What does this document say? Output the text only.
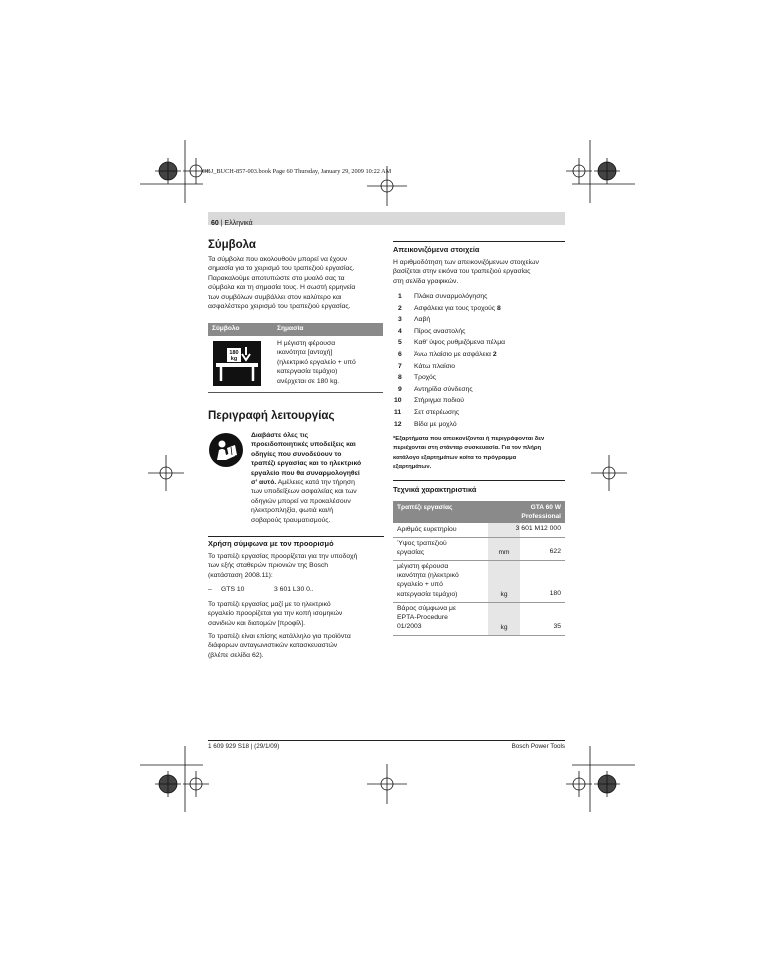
OBJ_BUCH-857-003.book Page 60 Thursday, January 29, 2009 10:22 AM
60 | Ελληνικά
Σύμβολα
Τα σύμβολα που ακολουθούν μπορεί να έχουν
σημασία για το χειρισμό του τραπεζιού εργασίας.
Παρακαλούμε αποτυπώστε στο μυαλό σας τα
σύμβολα και τη σημασία τους. Η σωστή ερμηνεία
των συμβόλων συμβάλλει στον καλύτερο και
ασφαλέστερο χειρισμό του τραπεζιού εργασίας.
Σύμβολο	Σημασία
180
kg
Η μέγιστη φέρουσα
ικανότητα [αντοχή]
(ηλεκτρικό εργαλείο + υπό
κατεργασία τεμάχιο)
ανέρχεται σε 180 kg.
Περιγραφή λειτουργίας
Διαβάστε όλες τις
προειδοποιητικές υποδείξεις και
οδηγίες που συνοδεύουν το
τραπέζι εργασίας και το ηλεκτρικό
εργαλείο που θα συναρμολογηθεί
σ’ αυτό. Αμέλειες κατά την τήρηση
των υποδείξεων ασφαλείας και των
οδηγιών μπορεί να προκαλέσουν
ηλεκτροπληξία, φωτιά και/ή
σοβαρούς τραυματισμούς.
Χρήση σύμφωνα με τον προορισμό
Το τραπέζι εργασίας προορίζεται για την υποδοχή
των εξής σταθερών πριονιών της Bosch
(κατάσταση 2008.11):
– GTS 10	3 601 L30 0..
Το τραπέζι εργασίας μαζί με το ηλεκτρικό
εργαλείο προορίζεται για την κοπή ισομηκών
σανιδιών και διατομών [προφίλ].
Το τραπέζι είναι επίσης κατάλληλο για προϊόντα
διάφορων ανταγωνιστικών κατασκευαστών
(βλέπε σελίδα 62).
Απεικονιζόμενα στοιχεία
Η αριθμοδότηση των απεικονιζόμενων στοιχείων
βασίζεται στην εικόνα του τραπεζιού εργασίας
στη σελίδα γραφικών.
1	Πλάκα συναρμολόγησης
2	Ασφάλεια για τους τροχούς 8
3	Λαβή
4	Πίρος αναστολής
5	Καθ’ ύψος ρυθμιζόμενα πέλμα
6	Άνω πλαίσιο με ασφάλεια 2
7	Κάτω πλαίσιο
8	Τροχός
9	Αντηρίδα σύνδεσης
10	Στήριγμα ποδιού
11	Σετ στερέωσης
12	Βίδα με μοχλό
*Εξαρτήματα που απεικονίζονται ή περιγράφονται δεν
περιέχονται στη στάνταρ συσκευασία. Για τον πλήρη
κατάλογο εξαρτημάτων κοίτα το πρόγραμμα
εξαρτημάτων.
Τεχνικά χαρακτηριστικά
Τραπέζι εργασίας	GTA 60 W
Professional
Αριθμός ευρετηρίου	3 601 M12 000
Ύψος τραπεζιού
εργασίας	mm	622
μέγιστη φέρουσα
ικανότητα (ηλεκτρικό
εργαλείο + υπό
κατεργασία τεμάχιο)	kg	180
Βάρος σύμφωνα με
EPTA-Procedure
01/2003	kg	35
1 609 929 S18 | (29/1/09)	Bosch Power Tools
